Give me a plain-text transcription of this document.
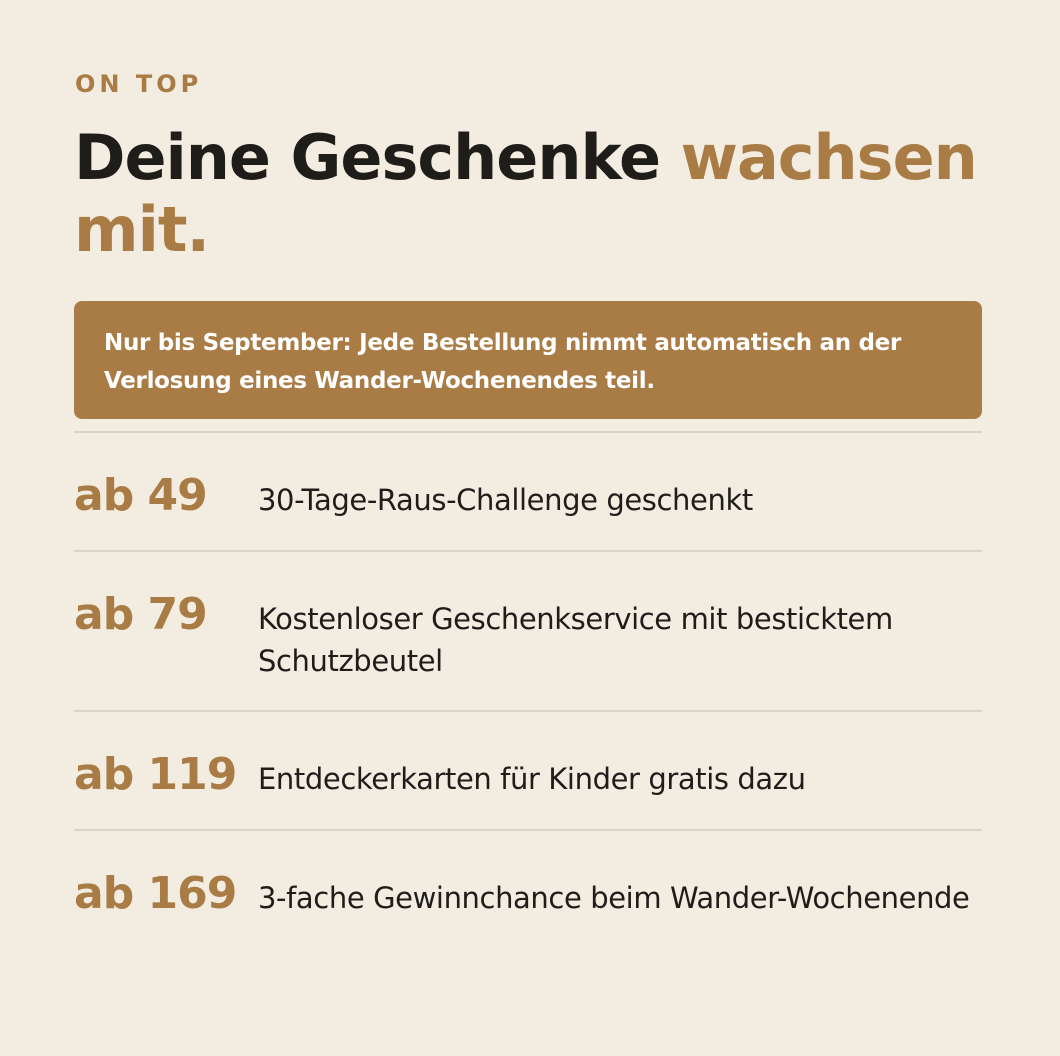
ON TOP
Deine Geschenke wachsen mit.
Nur bis September: Jede Bestellung nimmt automatisch an der Verlosung eines Wander-Wochenendes teil.
ab 49 30-Tage-Raus-Challenge geschenkt
ab 79 Kostenloser Geschenkservice mit besticktem Schutzbeutel
ab 119 Entdeckerkarten für Kinder gratis dazu
ab 169 3-fache Gewinnchance beim Wander-Wochenende
